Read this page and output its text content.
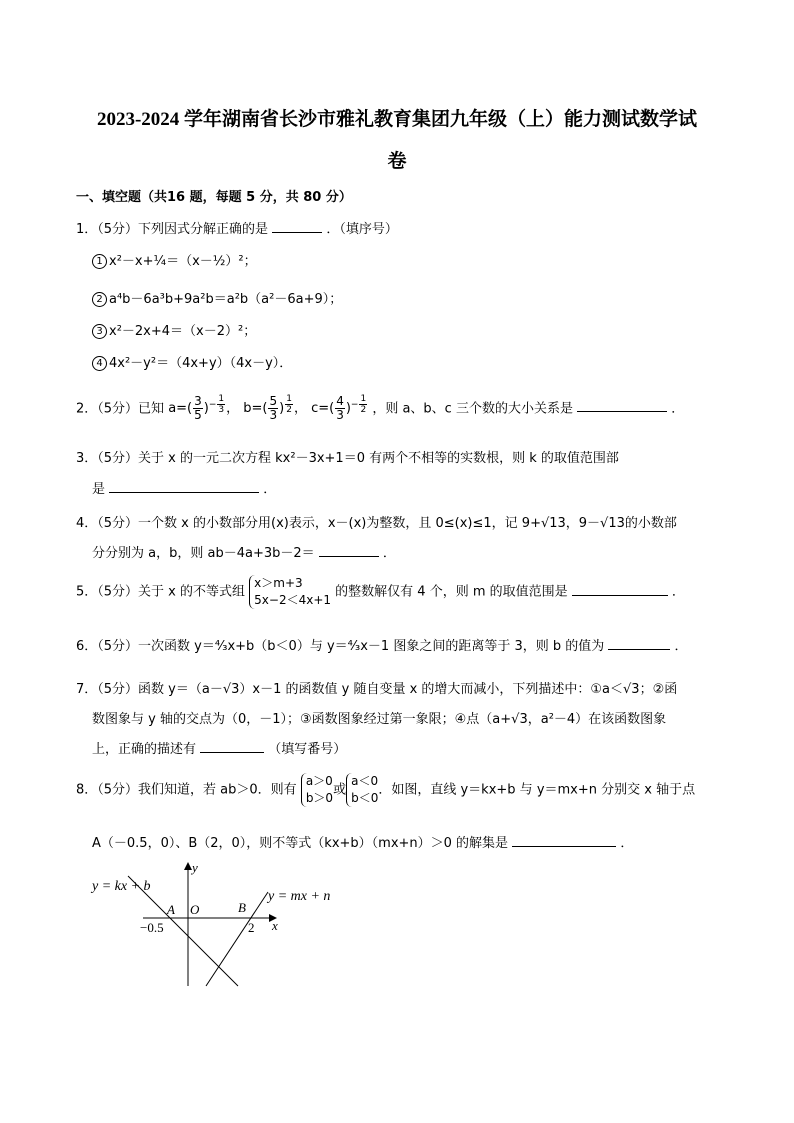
2023-2024 学年湖南省长沙市雅礼教育集团九年级（上）能力测试数学试
卷
一、填空题（共16 题，每题 5 分，共 80 分）
1．（5分）下列因式分解正确的是	．（填序号）
1 x²－x+¼＝（x－½）²；
2 a⁴b－6a³b+9a²b＝a²b（a²－6a+9）；
3 x²－2x+4＝（x－2）²；
4 4x²－y²＝（4x+y）（4x－y）．
2．（5分）已知 $a=( \frac{3}{5} )^{- \frac{1}{3}}$ ， $b=( \frac{5}{3}$ ) $^{\frac{1}{2}}$ ， $c=( \frac{4}{3} )^{- \frac{1}{2}}$ ，则 a、b、c 三个数的大小关系是	．
3．（5分）关于 x 的一元二次方程 kx²－3x+1＝0 有两个不相等的实数根，则 k 的取值范围部
是	．
4．（5分）一个数 x 的小数部分用(x)表示，x－(x)为整数，且 0≤(x)≤1，记 9+√13，9－√13的小数部
分分别为 a，b，则 ab－4a+3b－2＝	．
5．（5分）关于 x 的不等式组
x＞m+3
5x−2＜4x+1
的整数解仅有 4 个，则 m 的取值范围是	．
6．（5分）一次函数 y＝⁴⁄₃x+b（b＜0）与 y＝⁴⁄₃x－1 图象之间的距离等于 3，则 b 的值为	．
7．（5分）函数 y＝（a－√3）x－1 的函数值 y 随自变量 x 的增大而减小，下列描述中：①a＜√3；②函
数图象与 y 轴的交点为（0，－1）；③函数图象经过第一象限；④点（a+√3，a²－4）在该函数图象
上，正确的描述有	（填写番号）
8．（5分）我们知道，若 ab＞0．则有
a＞0
b＞0
或
a＜0
b＜0
．如图，直线 y＝kx+b 与 y＝mx+n 分别交 x 轴于点
A（－0.5，0）、B（2，0），则不等式（kx+b）（mx+n）＞0 的解集是	．
y = kx + b
y = mx + n
y
x
A O	B
−0.5	2
